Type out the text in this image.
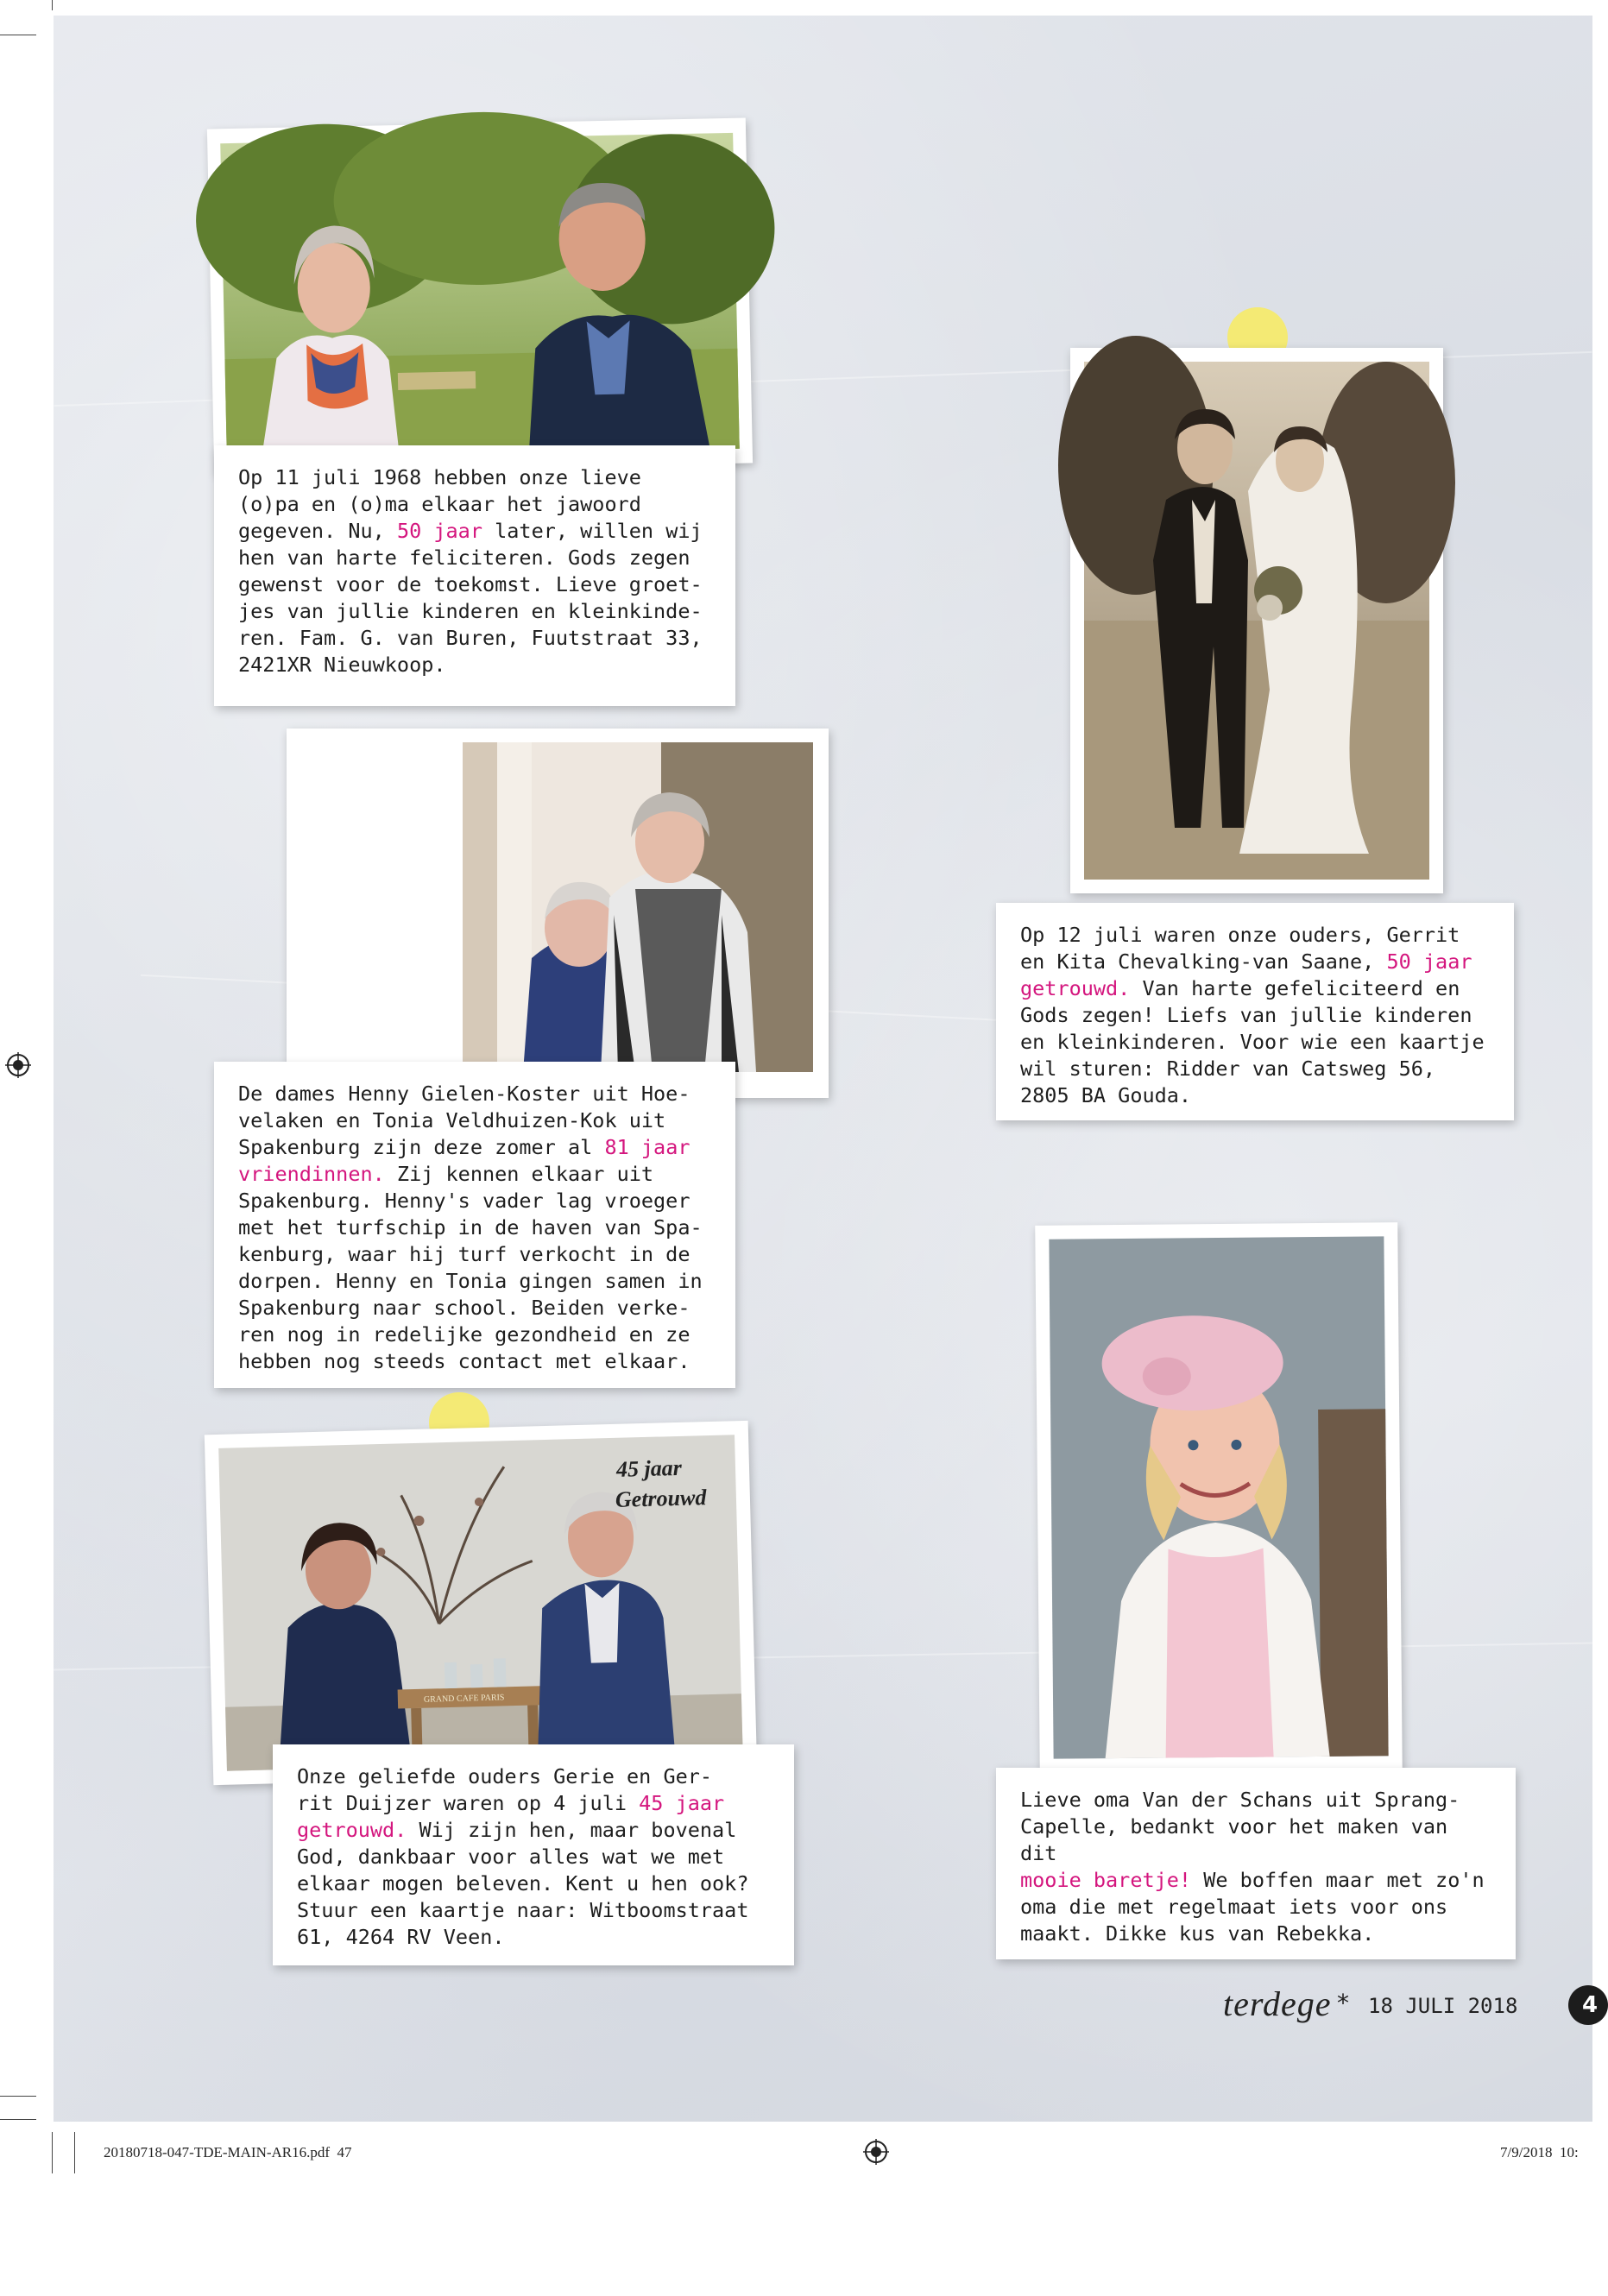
Op 11 juli 1968 hebben onze lieve
(o)pa en (o)ma elkaar het jawoord
gegeven. Nu, 50 jaar later, willen wij
hen van harte feliciteren. Gods zegen
gewenst voor de toekomst. Lieve groet-
jes van jullie kinderen en kleinkinde-
ren. Fam. G. van Buren, Fuutstraat 33,
2421XR Nieuwkoop.

Op 12 juli waren onze ouders, Gerrit
en Kita Chevalking-van Saane, 50 jaar
getrouwd. Van harte gefeliciteerd en
Gods zegen! Liefs van jullie kinderen
en kleinkinderen. Voor wie een kaartje
wil sturen: Ridder van Catsweg 56,
2805 BA Gouda.

De dames Henny Gielen-Koster uit Hoe-
velaken en Tonia Veldhuizen-Kok uit
Spakenburg zijn deze zomer al 81 jaar
vriendinnen. Zij kennen elkaar uit
Spakenburg. Henny's vader lag vroeger
met het turfschip in de haven van Spa-
kenburg, waar hij turf verkocht in de
dorpen. Henny en Tonia gingen samen in
Spakenburg naar school. Beiden verke-
ren nog in redelijke gezondheid en ze
hebben nog steeds contact met elkaar.

GRAND CAFE PARIS
45 jaar
Getrouwd

Onze geliefde ouders Gerie en Ger-
rit Duijzer waren op 4 juli 45 jaar
getrouwd. Wij zijn hen, maar bovenal
God, dankbaar voor alles wat we met
elkaar mogen beleven. Kent u hen ook?
Stuur een kaartje naar: Witboomstraat
61, 4264 RV Veen.

Lieve oma Van der Schans uit Sprang-
Capelle, bedankt voor het maken van dit
mooie baretje! We boffen maar met zo'n
oma die met regelmaat iets voor ons
maakt. Dikke kus van Rebekka.

terdege * 18 JULI 2018	4
20180718-047-TDE-MAIN-AR16.pdf  47	7/9/2018  10:
